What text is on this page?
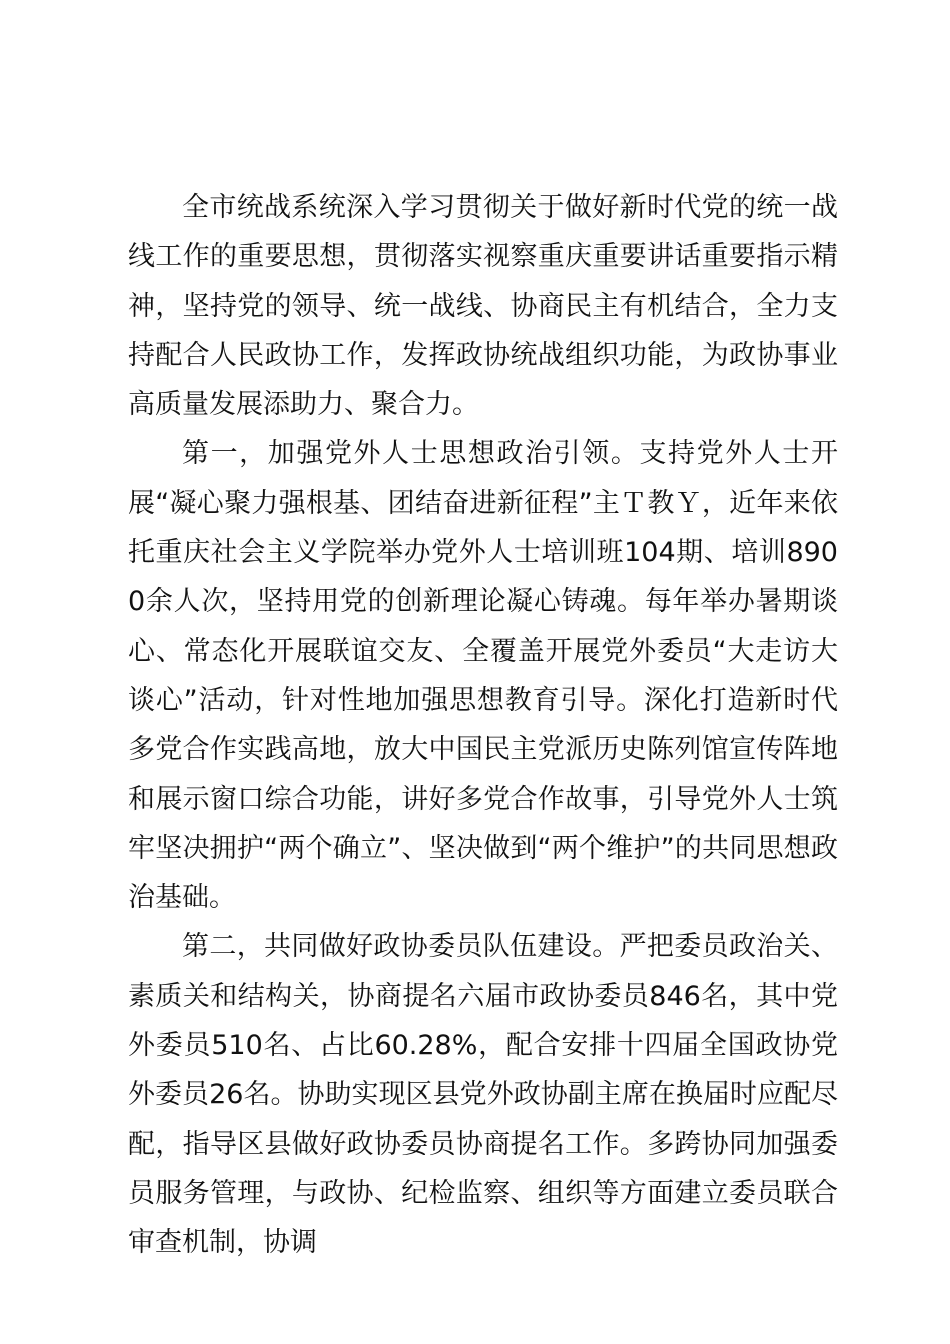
全市统战系统深入学习贯彻关于做好新时代党的统一战线工作的重要思想，贯彻落实视察重庆重要讲话重要指示精神，坚持党的领导、统一战线、协商民主有机结合，全力支持配合人民政协工作，发挥政协统战组织功能，为政协事业高质量发展添助力、聚合力。

第一，加强党外人士思想政治引领。支持党外人士开展“凝心聚力强根基、团结奋进新征程”主Ｔ教Ｙ，近年来依托重庆社会主义学院举办党外人士培训班104期、培训8900余人次，坚持用党的创新理论凝心铸魂。每年举办暑期谈心、常态化开展联谊交友、全覆盖开展党外委员“大走访大谈心”活动，针对性地加强思想教育引导。深化打造新时代多党合作实践高地，放大中国民主党派历史陈列馆宣传阵地和展示窗口综合功能，讲好多党合作故事，引导党外人士筑牢坚决拥护“两个确立”、坚决做到“两个维护”的共同思想政治基础。

第二，共同做好政协委员队伍建设。严把委员政治关、素质关和结构关，协商提名六届市政协委员846名，其中党外委员510名、占比60.28%，配合安排十四届全国政协党外委员26名。协助实现区县党外政协副主席在换届时应配尽配，指导区县做好政协委员协商提名工作。多跨协同加强委员服务管理，与政协、纪检监察、组织等方面建立委员联合审查机制，协调
